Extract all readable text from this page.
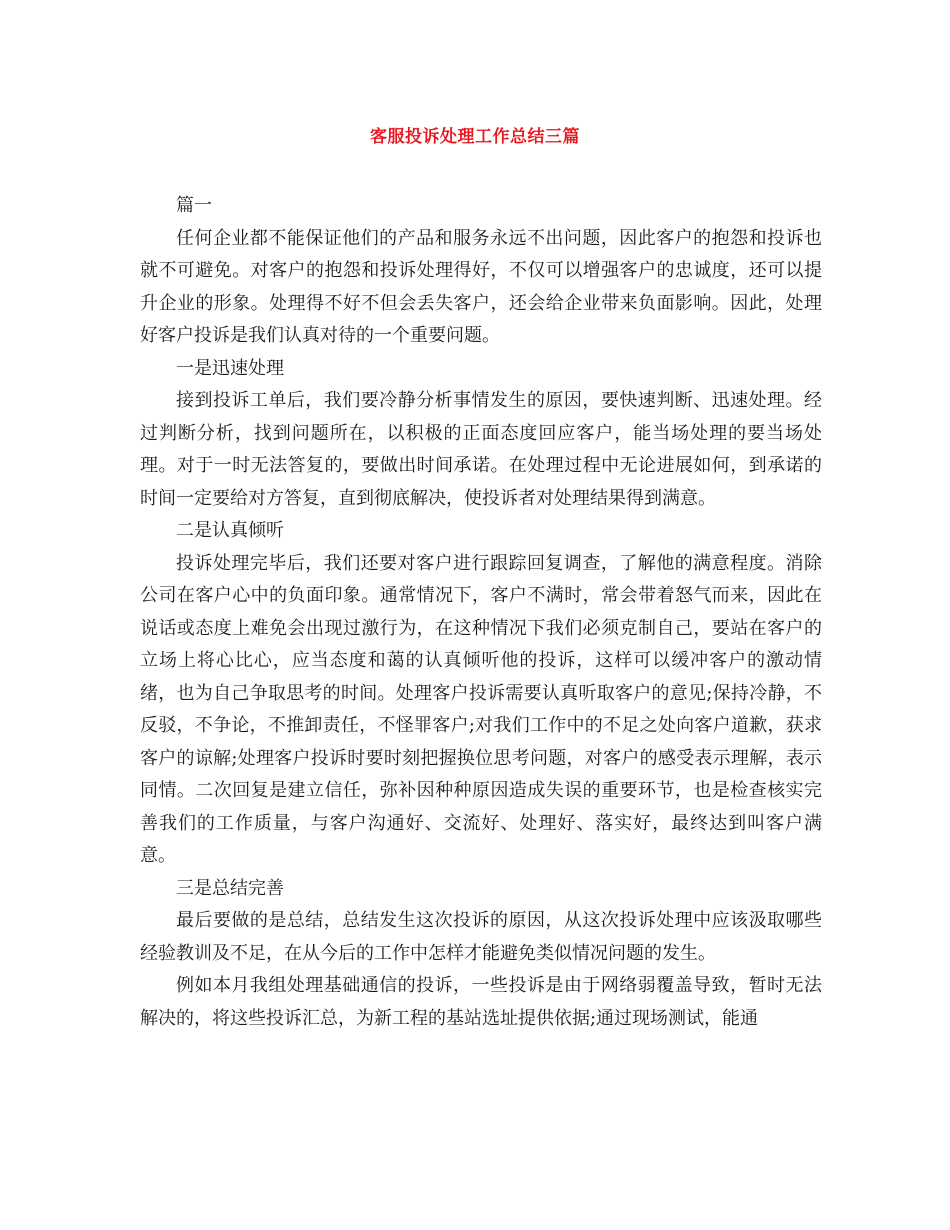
客服投诉处理工作总结三篇

篇一

任何企业都不能保证他们的产品和服务永远不出问题，因此客户的抱怨和投诉也就不可避免。对客户的抱怨和投诉处理得好，不仅可以增强客户的忠诚度，还可以提升企业的形象。处理得不好不但会丢失客户，还会给企业带来负面影响。因此，处理好客户投诉是我们认真对待的一个重要问题。

一是迅速处理

接到投诉工单后，我们要冷静分析事情发生的原因，要快速判断、迅速处理。经过判断分析，找到问题所在，以积极的正面态度回应客户，能当场处理的要当场处理。对于一时无法答复的，要做出时间承诺。在处理过程中无论进展如何，到承诺的时间一定要给对方答复，直到彻底解决，使投诉者对处理结果得到满意。

二是认真倾听

投诉处理完毕后，我们还要对客户进行跟踪回复调查，了解他的满意程度。消除公司在客户心中的负面印象。通常情况下，客户不满时，常会带着怒气而来，因此在说话或态度上难免会出现过激行为，在这种情况下我们必须克制自己，要站在客户的立场上将心比心，应当态度和蔼的认真倾听他的投诉，这样可以缓冲客户的激动情绪，也为自己争取思考的时间。处理客户投诉需要认真听取客户的意见;保持冷静，不反驳，不争论，不推卸责任，不怪罪客户;对我们工作中的不足之处向客户道歉，获求客户的谅解;处理客户投诉时要时刻把握换位思考问题，对客户的感受表示理解，表示同情。二次回复是建立信任，弥补因种种原因造成失误的重要环节，也是检查核实完善我们的工作质量，与客户沟通好、交流好、处理好、落实好，最终达到叫客户满意。

三是总结完善

最后要做的是总结，总结发生这次投诉的原因，从这次投诉处理中应该汲取哪些经验教训及不足，在从今后的工作中怎样才能避免类似情况问题的发生。

例如本月我组处理基础通信的投诉，一些投诉是由于网络弱覆盖导致，暂时无法解决的，将这些投诉汇总，为新工程的基站选址提供依据;通过现场测试，能通
